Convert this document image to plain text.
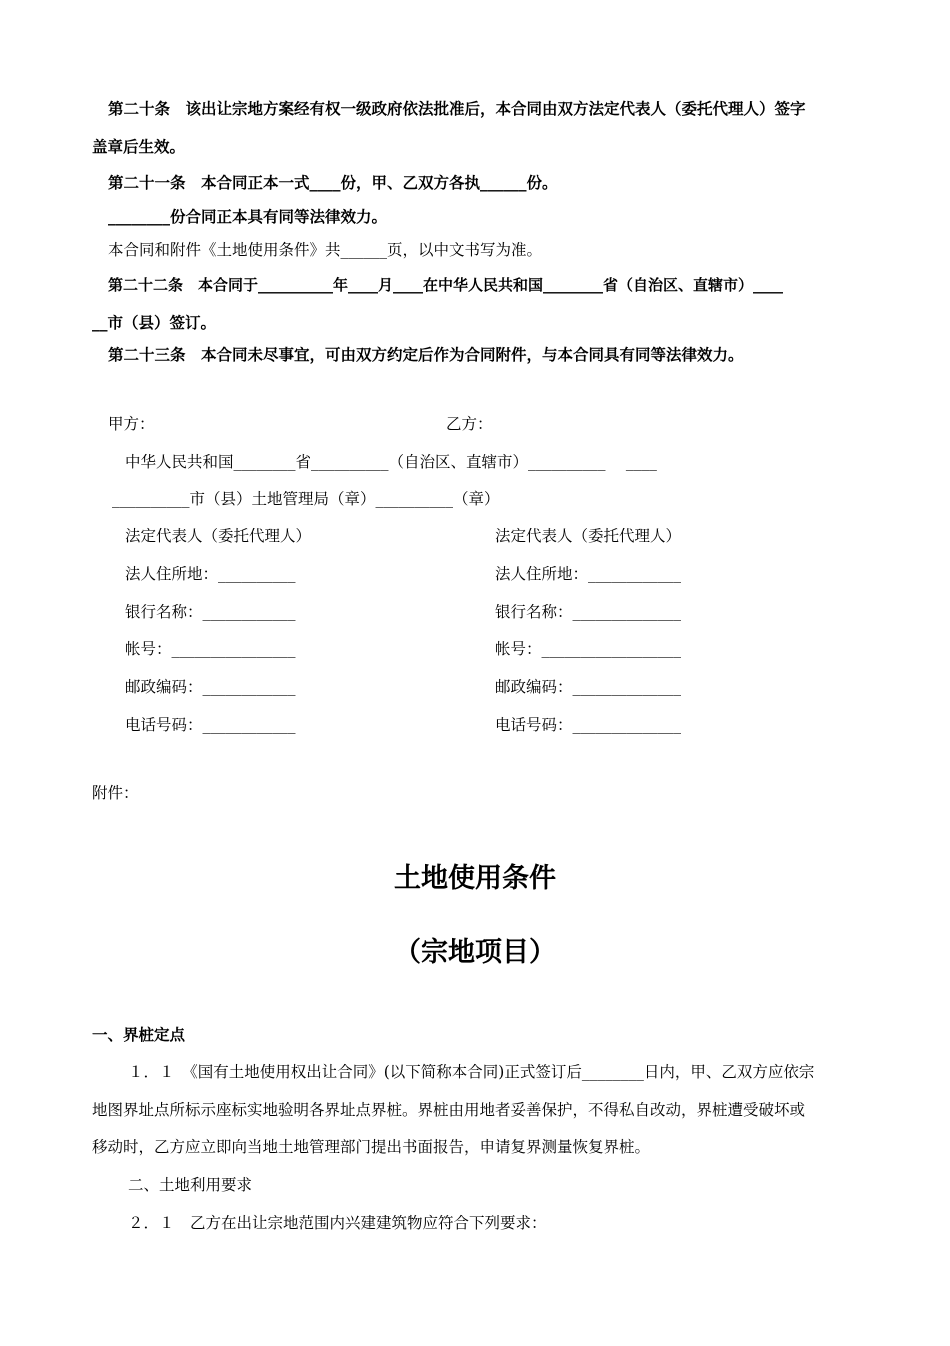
第二十条　该出让宗地方案经有权一级政府依法批准后，本合同由双方法定代表人（委托代理人）签字
盖章后生效。
第二十一条　本合同正本一式____份，甲、乙双方各执______份。
________份合同正本具有同等法律效力。
本合同和附件《土地使用条件》共______页，以中文书写为准。
第二十二条　本合同于__________年____月____在中华人民共和国________省（自治区、直辖市）____
__市（县）签订。
第二十三条　本合同未尽事宜，可由双方约定后作为合同附件，与本合同具有同等法律效力。
甲方：	乙方：
中华人民共和国________省__________（自治区、直辖市）__________　 ____
__________市（县）土地管理局（章）__________（章）
法定代表人（委托代理人）	法定代表人（委托代理人）
法人住所地：__________	法人住所地：____________
银行名称：____________	银行名称：______________
帐号：________________	帐号：__________________
邮政编码：____________	邮政编码：______________
电话号码：____________	电话号码：______________
附件：
土地使用条件
（宗地项目）
一、界桩定点
１．１　《国有土地使用权出让合同》(以下简称本合同)正式签订后________日内，甲、乙双方应依宗
地图界址点所标示座标实地验明各界址点界桩。界桩由用地者妥善保护，不得私自改动，界桩遭受破坏或
移动时，乙方应立即向当地土地管理部门提出书面报告，申请复界测量恢复界桩。
二、土地利用要求
２．１　乙方在出让宗地范围内兴建建筑物应符合下列要求：
